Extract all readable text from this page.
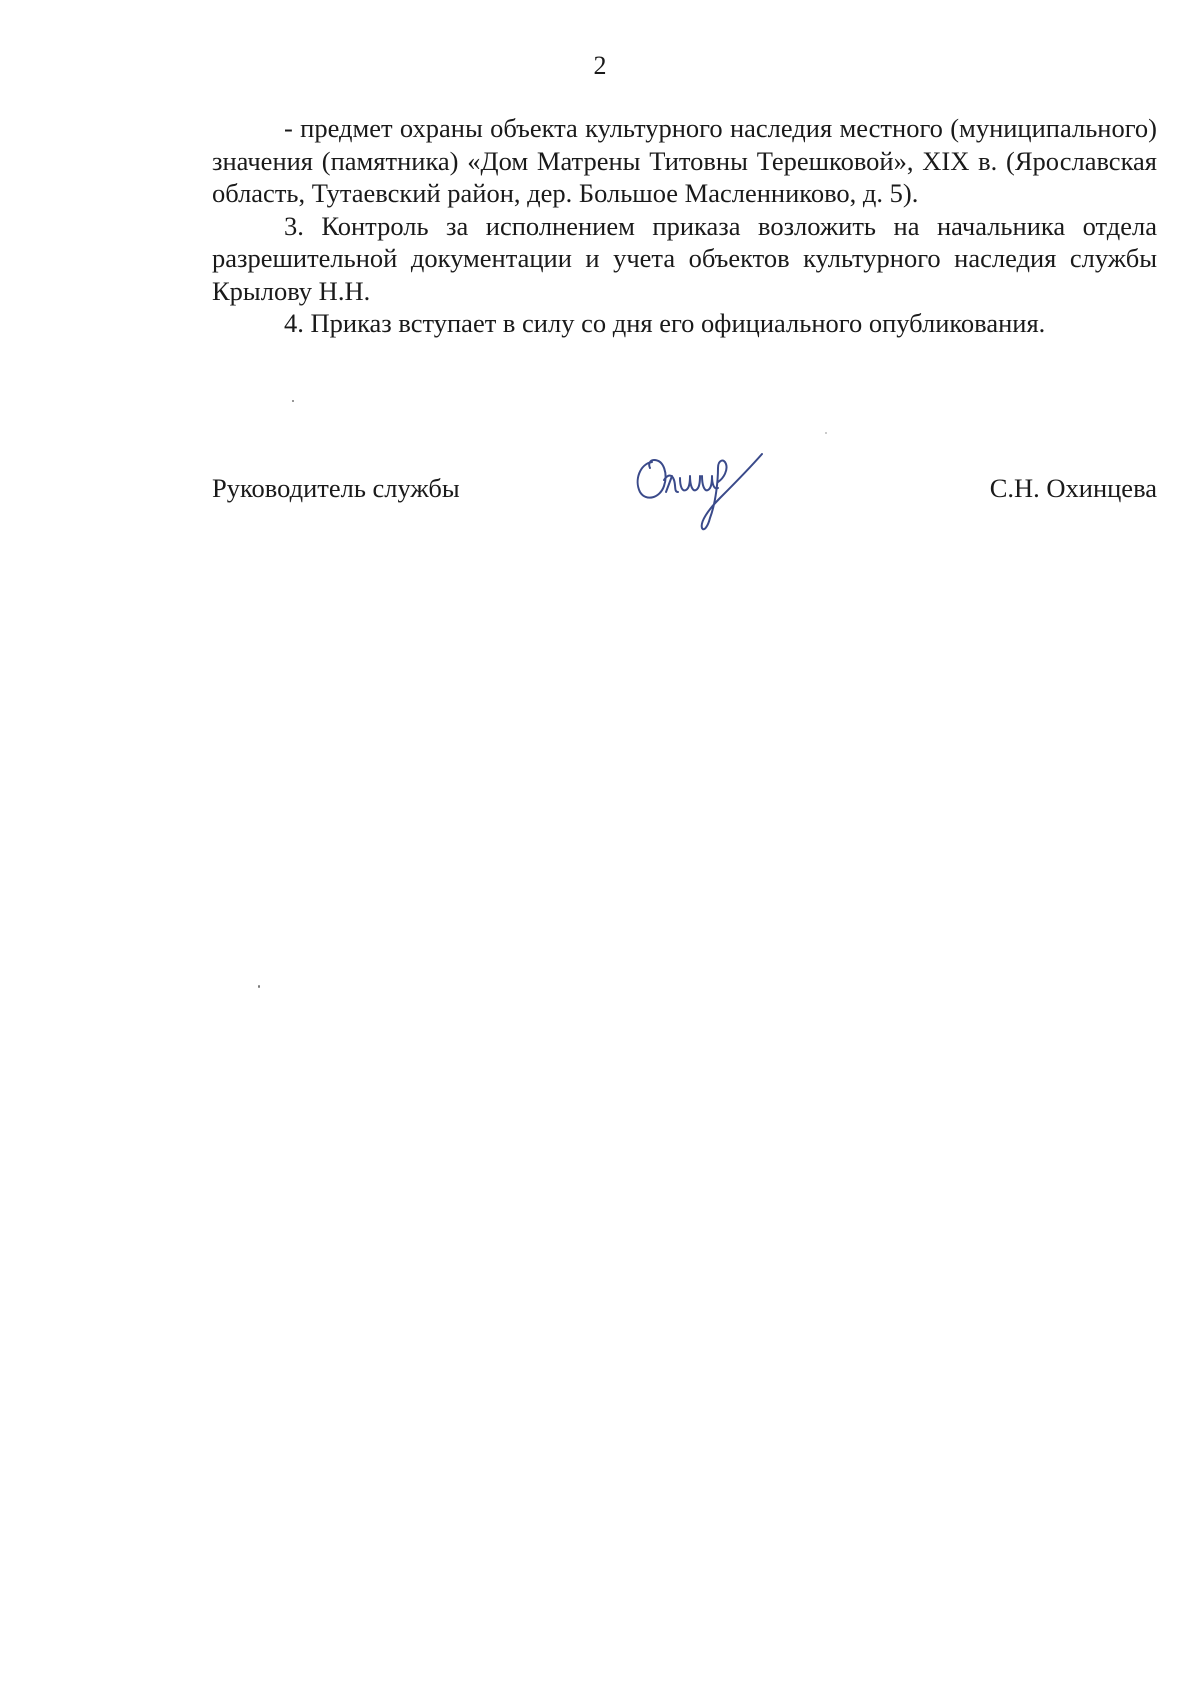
2

- предмет охраны объекта культурного наследия местного (муниципального) значения (памятника) «Дом Матрены Титовны Терешковой», XIX в. (Ярославская область, Тутаевский район, дер. Большое Масленниково, д. 5).

3. Контроль за исполнением приказа возложить на начальника отдела разрешительной документации и учета объектов культурного наследия службы Крылову Н.Н.

4. Приказ вступает в силу со дня его официального опубликования.

Руководитель службы	С.Н. Охинцева
